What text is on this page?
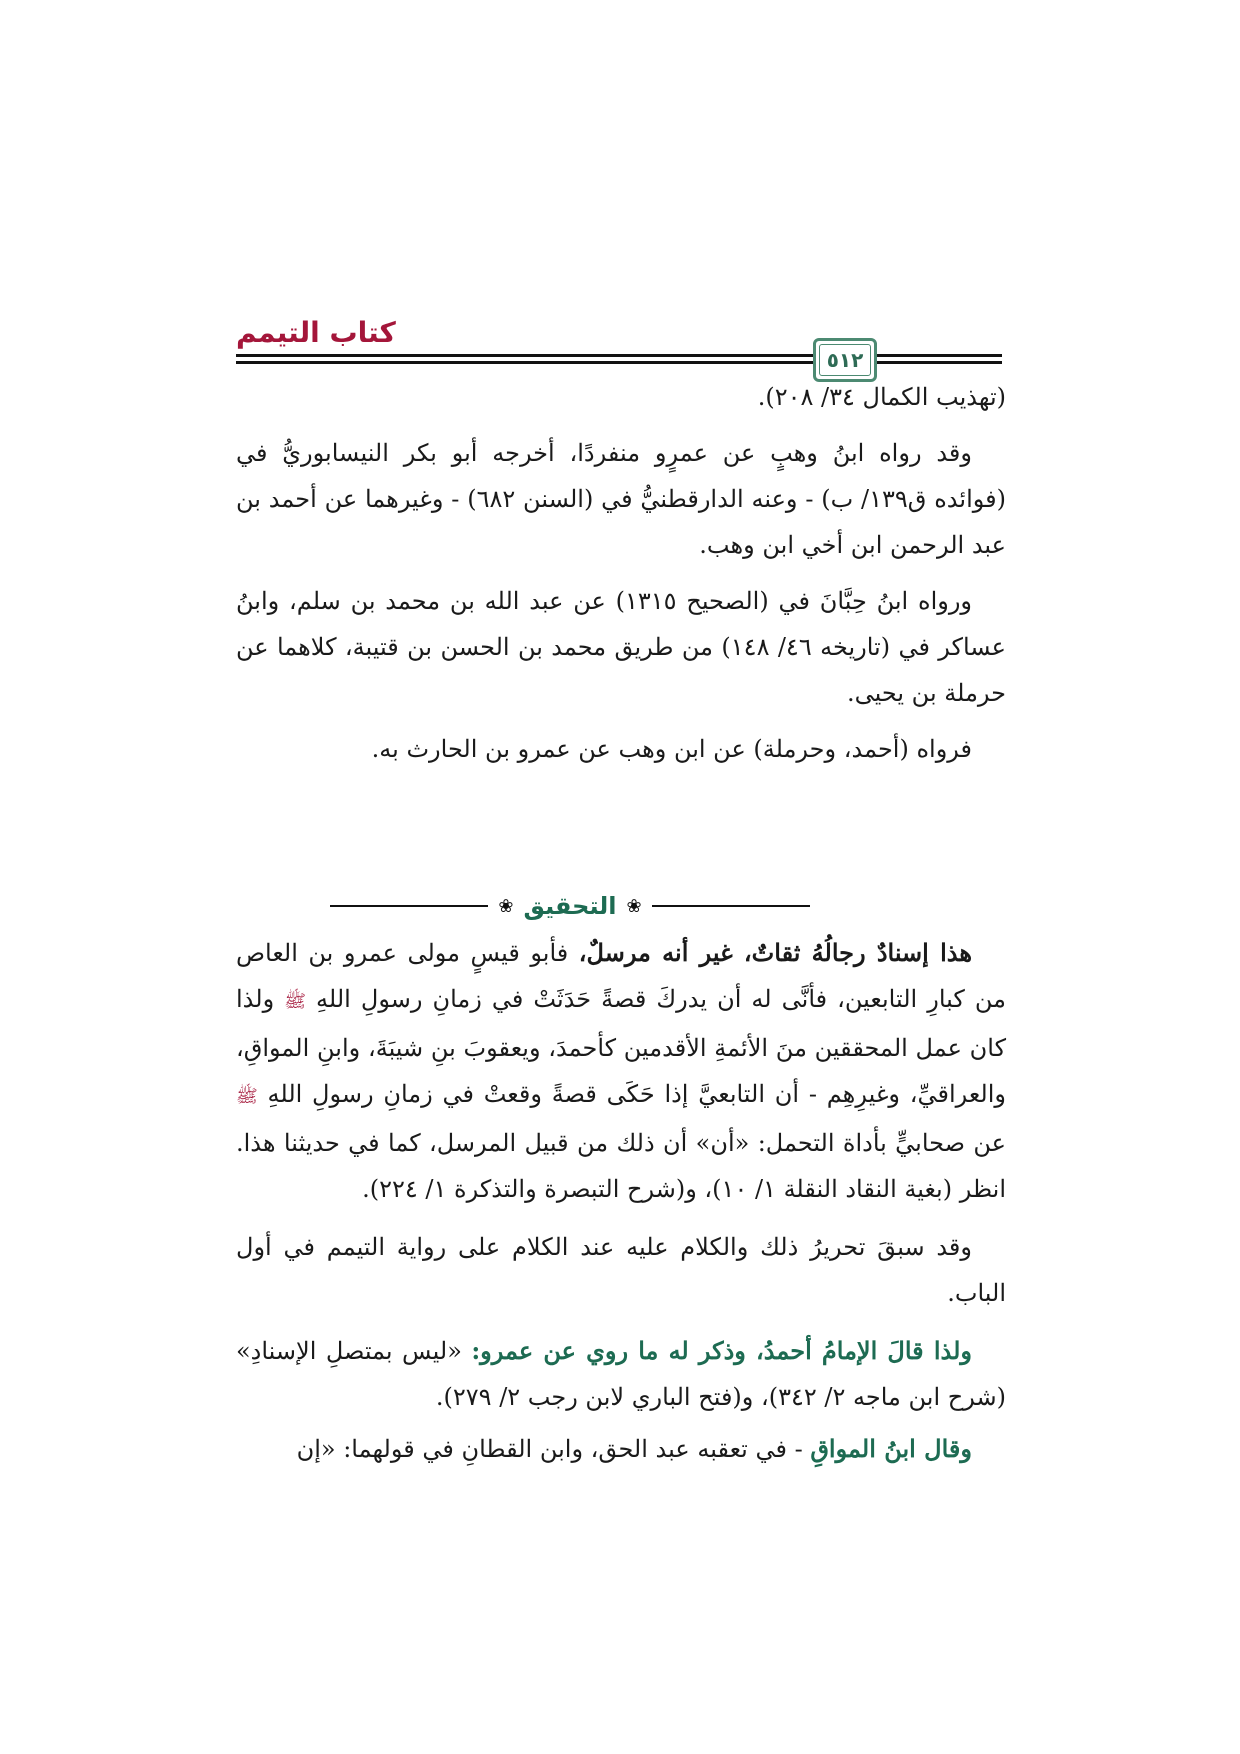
كتاب التيمم
٥١٢

(تهذيب الكمال ٣٤/ ٢٠٨).

وقد رواه ابنُ وهبٍ عن عمرٍو منفردًا، أخرجه أبو بكر النيسابوريُّ في (فوائده ق١٣٩/ ب) - وعنه الدارقطنيُّ في (السنن ٦٨٢) - وغيرهما عن أحمد بن عبد الرحمن ابن أخي ابن وهب.

ورواه ابنُ حِبَّانَ في (الصحيح ١٣١٥) عن عبد الله بن محمد بن سلم، وابنُ عساكر في (تاريخه ٤٦/ ١٤٨) من طريق محمد بن الحسن بن قتيبة، كلاهما عن حرملة بن يحيى.

فرواه (أحمد، وحرملة) عن ابن وهب عن عمرو بن الحارث به.

❀
التحقيق
❀

هذا إسنادٌ رجالُهُ ثقاتٌ، غير أنه مرسلٌ، فأبو قيسٍ مولى عمرو بن العاص من كبارِ التابعين، فأنَّى له أن يدركَ قصةً حَدَثَتْ في زمانِ رسولِ اللهِ ﷺ ولذا كان عمل المحققين منَ الأئمةِ الأقدمين كأحمدَ، ويعقوبَ بنِ شيبَةَ، وابنِ المواقِ، والعراقيِّ، وغيرِهِم - أن التابعيَّ إذا حَكَى قصةً وقعتْ في زمانِ رسولِ اللهِ ﷺ عن صحابيٍّ بأداة التحمل: «أن» أن ذلك من قبيل المرسل، كما في حديثنا هذا. انظر (بغية النقاد النقلة ١/ ١٠)، و(شرح التبصرة والتذكرة ١/ ٢٢٤).

وقد سبقَ تحريرُ ذلك والكلام عليه عند الكلام على رواية التيمم في أول الباب.

ولذا قالَ الإمامُ أحمدُ، وذكر له ما روي عن عمرو: «ليس بمتصلِ الإسنادِ» (شرح ابن ماجه ٢/ ٣٤٢)، و(فتح الباري لابن رجب ٢/ ٢٧٩).

وقال ابنُ المواقِ - في تعقبه عبد الحق، وابن القطانِ في قولهما: «إن
